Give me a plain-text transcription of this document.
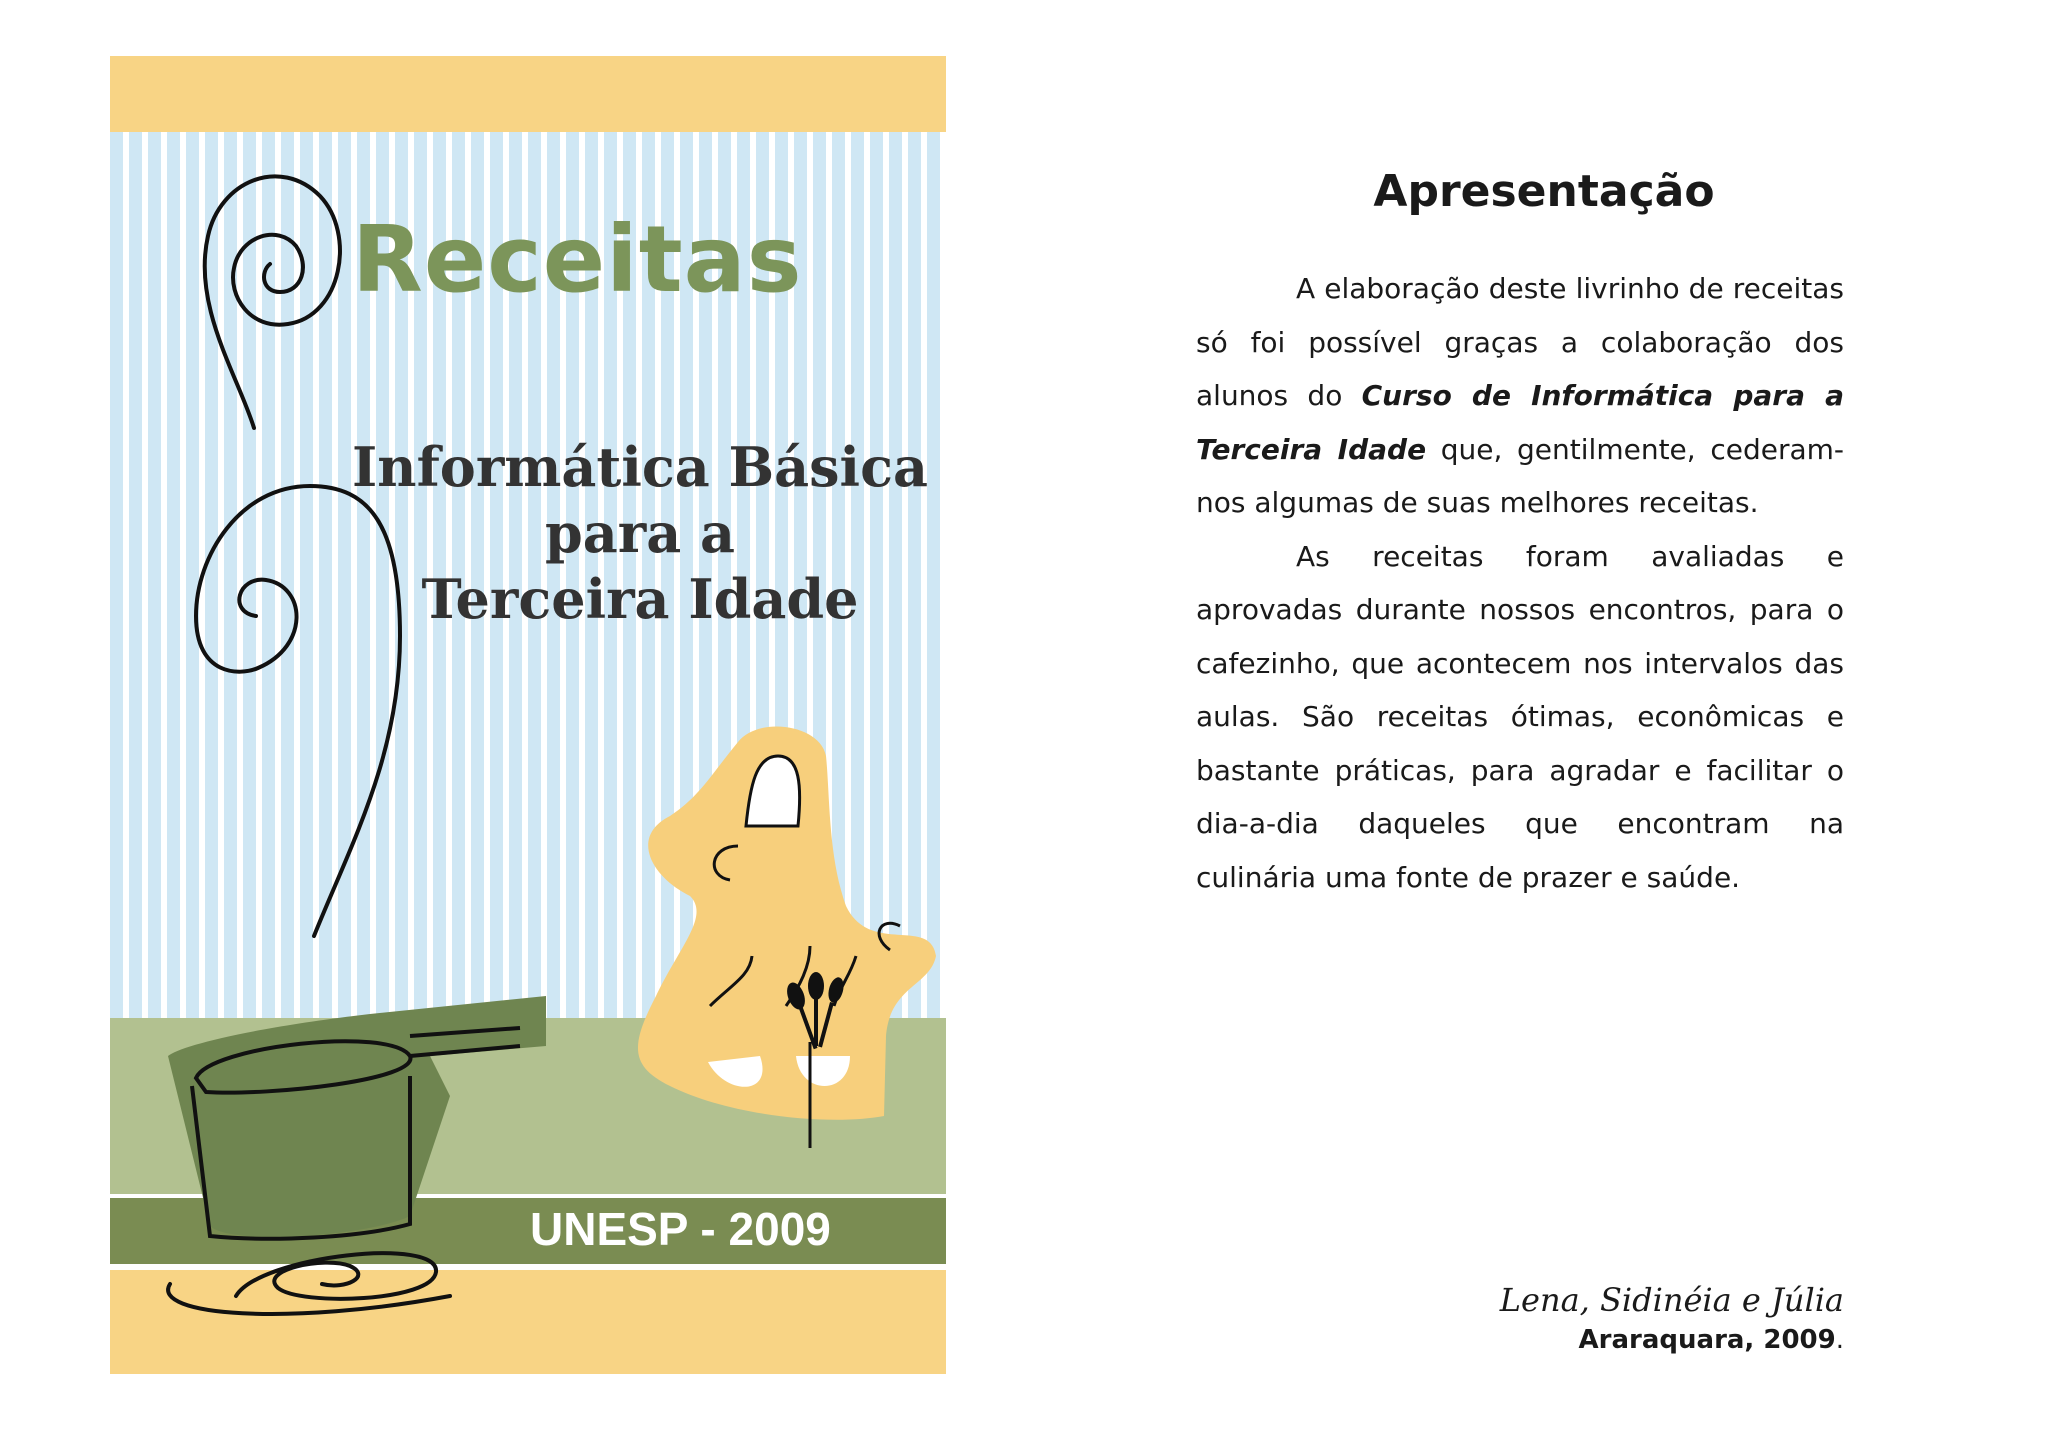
Receitas
Informática Básica
para a
Terceira Idade
UNESP - 2009
Apresentação

A elaboração deste livrinho de receitas só foi possível graças a colaboração dos alunos do Curso de Informática para a Terceira Idade que, gentilmente, cederam-nos algumas de suas melhores receitas.

As receitas foram avaliadas e aprovadas durante nossos encontros, para o cafezinho, que acontecem nos intervalos das aulas. São receitas ótimas, econômicas e bastante práticas, para agradar e facilitar o dia-a-dia daqueles que encontram na culinária uma fonte de prazer e saúde.

Lena, Sidinéia e Júlia
Araraquara, 2009.
